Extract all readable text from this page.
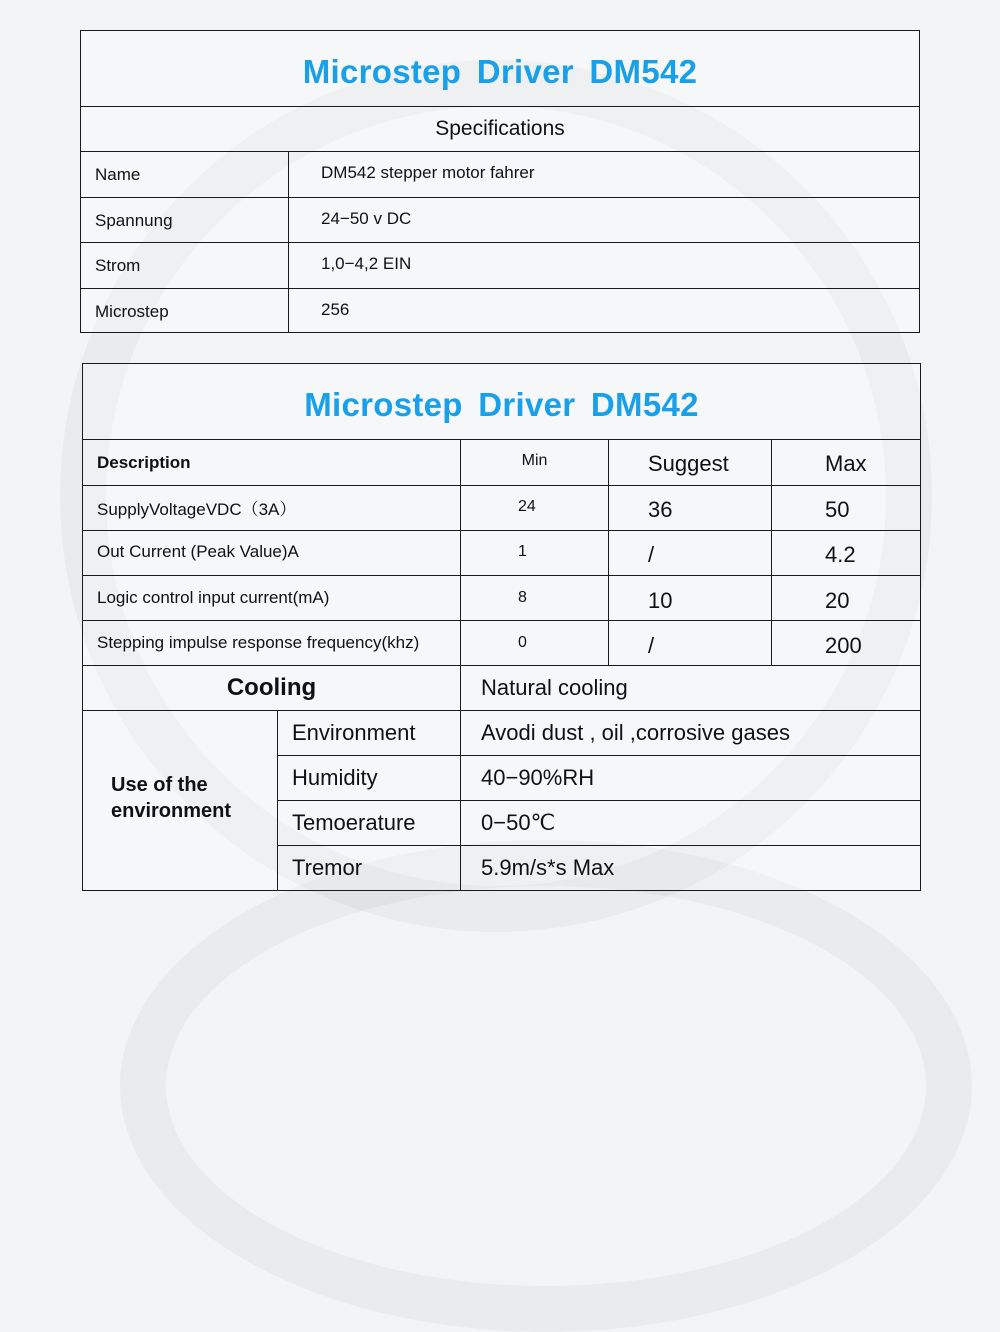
Microstep Driver DM542
Specifications
Name	DM542 stepper motor fahrer
Spannung	24−50 v DC
Strom	1,0−4,2 EIN
Microstep	256
Microstep Driver DM542
Description	Min	Suggest	Max
SupplyVoltageVDC（3A）	24	36	50
Out Current (Peak Value)A	1	/	4.2
Logic control input current(mA)	8	10	20
Stepping impulse response frequency(khz)	0	/	200
Cooling	Natural cooling
Use of the
environment
Environment	Avodi dust , oil ,corrosive gases
Humidity	40−90%RH
Temoerature	0−50℃
Tremor	5.9m/s*s Max
